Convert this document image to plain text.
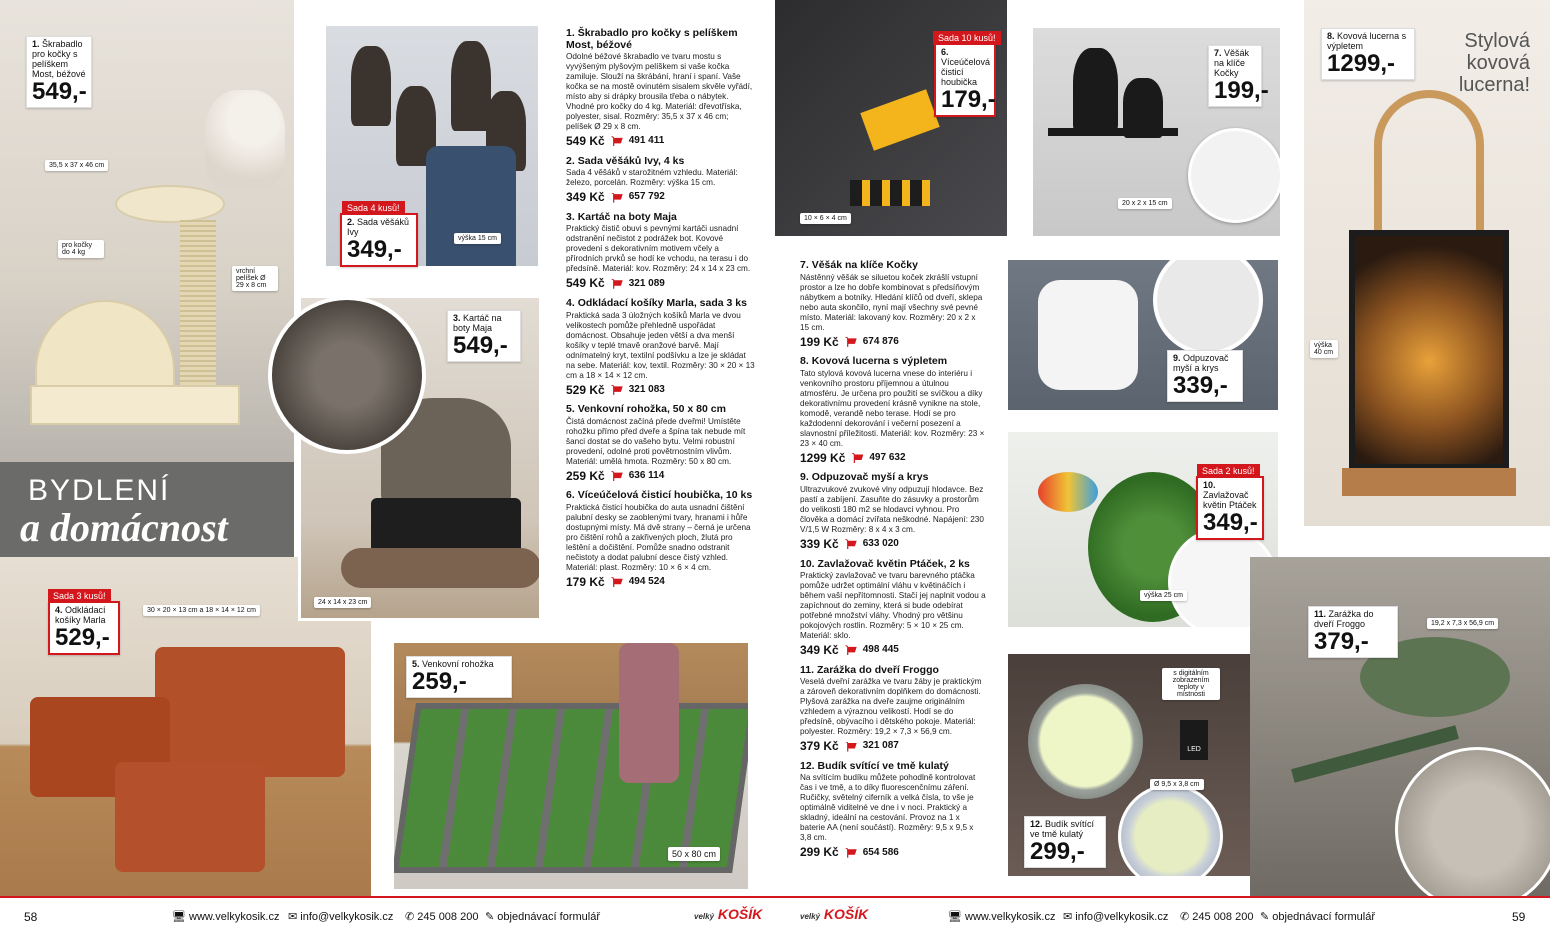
1. Škrabadlo pro kočky s pelíškem Most, béžové
549,-
35,5 x 37 x 46 cm
pro kočky do 4 kg
vrchní pelíšek Ø 29 x 8 cm
BYDLENÍ
a domácnost
Sada 3 kusů!
4. Odkládací košíky Marla
529,-
30 × 20 × 13 cm a 18 × 14 × 12 cm
Sada 4 kusů!
2. Sada věšáků Ivy
349,-	výška 15 cm
3. Kartáč na boty Maja
549,-
24 x 14 x 23 cm
5. Venkovní rohožka
259,-
50 x 80 cm
1. Škrabadlo pro kočky s pelíškem Most, béžové
Odolné béžové škrabadlo ve tvaru mostu s vyvýšeným plyšovým pelíškem si vaše kočka zamiluje. Slouží na škrábání, hraní i spaní. Vaše kočka se na mostě ovinutém sisalem skvěle vyřádí, místo aby si drápky brousila třeba o nábytek. Vhodné pro kočky do 4 kg. Materiál: dřevotříska, polyester, sisal. Rozměry: 35,5 x 37 x 46 cm; pelíšek Ø 29 x 8 cm.
549 Kč 491 411
2. Sada věšáků Ivy, 4 ks
Sada 4 věšáků v starožitném vzhledu. Materiál: železo, porcelán. Rozměry: výška 15 cm.
349 Kč 657 792
3. Kartáč na boty Maja
Praktický čistič obuvi s pevnými kartáči usnadní odstranění nečistot z podrážek bot. Kovové provedení s dekorativním motivem včely a přírodních prvků se hodí ke vchodu, na terasu i do předsíně. Materiál: kov. Rozměry: 24 x 14 x 23 cm.
549 Kč 321 089
4. Odkládací košíky Marla, sada 3 ks
Praktická sada 3 úložných košíků Marla ve dvou velikostech pomůže přehledně uspořádat domácnost. Obsahuje jeden větší a dva menší košíky v teplé tmavě oranžové barvě. Mají odnímatelný kryt, textilní podšívku a lze je skládat na sebe. Materiál: kov, textil. Rozměry: 30 × 20 × 13 cm a 18 × 14 × 12 cm.
529 Kč 321 083
5. Venkovní rohožka, 50 x 80 cm
Čistá domácnost začíná přede dveřmi! Umístěte rohožku přímo před dveře a špína tak nebude mít šanci dostat se do vašeho bytu. Velmi robustní provedení, odolné proti povětrnostním vlivům. Materiál: umělá hmota. Rozměry: 50 x 80 cm.
259 Kč 636 114
6. Víceúčelová čisticí houbička, 10 ks
Praktická čisticí houbička do auta usnadní čištění palubní desky se zaoblenými tvary, hranami i hůře dostupnými místy. Má dvě strany – černá je určena pro čištění rohů a zakřivených ploch, žlutá pro leštění a dočištění. Pomůže snadno odstranit nečistoty a dodat palubní desce čistý vzhled. Materiál: plast. Rozměry: 10 × 6 × 4 cm.
179 Kč 494 524
Sada 10 kusů!
6. Víceúčelová čisticí houbička
179,-
10 × 6 × 4 cm
7. Věšák na klíče Kočky
199,-
20 x 2 x 15 cm
9. Odpuzovač myší a krys
339,-
8. Kovová lucerna s výpletem
1299,-
Stylová kovová lucerna!
výška 40 cm
Sada 2 kusů!
10. Zavlažovač květin Ptáček
349,-
výška 25 cm
s digitálním zobrazením teploty v místnosti
LED
Ø 9,5 x 3,8 cm
12. Budík svítící ve tmě kulatý
299,-
11. Zarážka do dveří Froggo
379,-
19,2 x 7,3 x 56,9 cm
7. Věšák na klíče Kočky
Nástěnný věšák se siluetou koček zkrášlí vstupní prostor a lze ho dobře kombinovat s předsíňovým nábytkem a botníky. Hledání klíčů od dveří, sklepa nebo auta skončilo, nyní mají všechny své pevné místo. Materiál: lakovaný kov. Rozměry: 20 x 2 x 15 cm.
199 Kč 674 876
8. Kovová lucerna s výpletem
Tato stylová kovová lucerna vnese do interiéru i venkovního prostoru příjemnou a útulnou atmosféru. Je určena pro použití se svíčkou a díky dekorativnímu provedení krásně vynikne na stole, komodě, verandě nebo terase. Hodí se pro každodenní dekorování i večerní posezení a slavnostní příležitosti. Materiál: kov. Rozměry: 23 × 23 × 40 cm.
1299 Kč 497 632
9. Odpuzovač myší a krys
Ultrazvukové zvukové vlny odpuzují hlodavce. Bez pastí a zabíjení. Zasuňte do zásuvky a prostorům do velikosti 180 m2 se hlodavci vyhnou. Pro člověka a domácí zvířata neškodné. Napájení: 230 V/1,5 W Rozměry: 8 x 4 x 3 cm.
339 Kč 633 020
10. Zavlažovač květin Ptáček, 2 ks
Praktický zavlažovač ve tvaru barevného ptáčka pomůže udržet optimální vláhu v květináčích i během vaší nepřítomnosti. Stačí jej naplnit vodou a zapíchnout do zeminy, která si bude odebírat potřebné množství vláhy. Vhodný pro většinu pokojových rostlin. Rozměry: 5 × 10 × 25 cm. Materiál: sklo.
349 Kč 498 445
11. Zarážka do dveří Froggo
Veselá dveřní zarážka ve tvaru žáby je praktickým a zároveň dekorativním doplňkem do domácnosti. Plyšová zarážka na dveře zaujme originálním vzhledem a výraznou velikostí. Hodí se do předsíně, obývacího i dětského pokoje. Materiál: polyester. Rozměry: 19,2 × 7,3 × 56,9 cm.
379 Kč 321 087
12. Budík svítící ve tmě kulatý
Na svítícím budíku můžete pohodlně kontrolovat čas i ve tmě, a to díky fluorescenčnímu záření. Ručičky, světelný ciferník a velká čísla, to vše je optimálně viditelné ve dne i v noci. Praktický a skladný, ideální na cestování. Provoz na 1 x baterie AA (není součástí). Rozměry: 9,5 x 9,5 x 3,8 cm.
299 Kč 654 586
58	🖥 www.velkykosik.cz ✉ info@velkykosik.cz ✆ 245 008 200 ✎ objednávací formulář	velký KOŠÍK	velký KOŠÍK	🖥 www.velkykosik.cz ✉ info@velkykosik.cz ✆ 245 008 200 ✎ objednávací formulář	59
